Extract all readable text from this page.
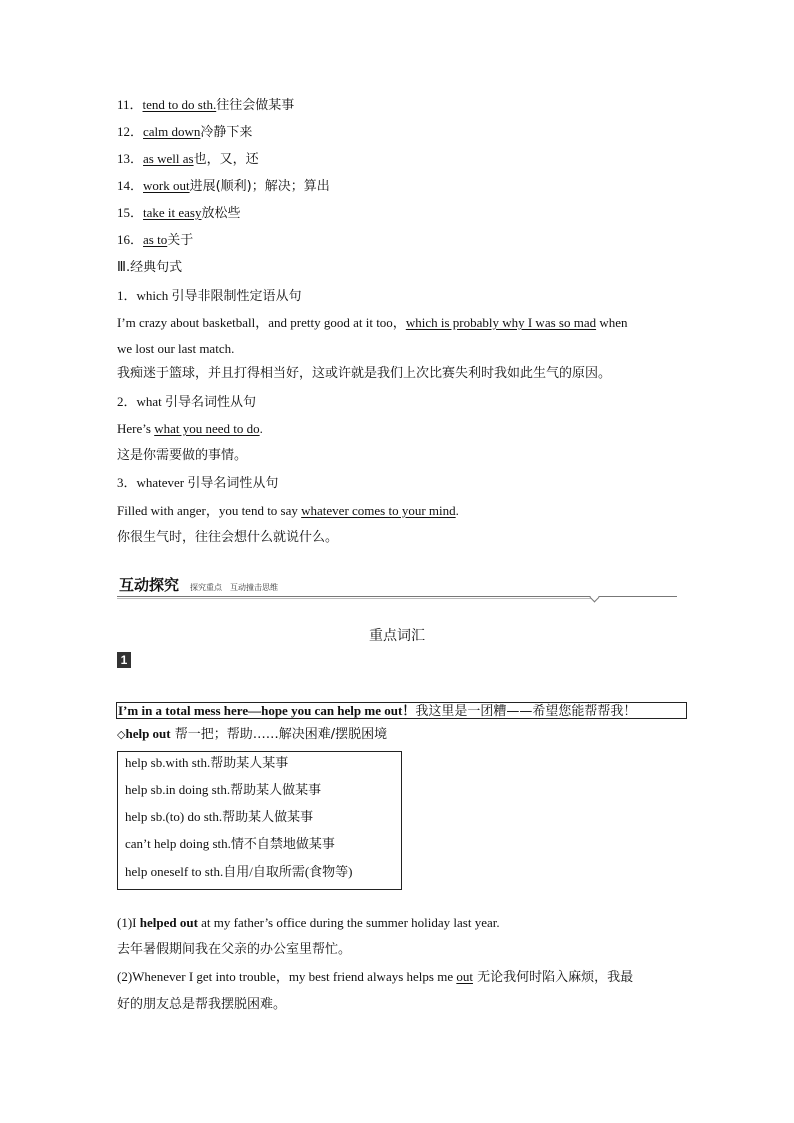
11．tend to do sth.往往会做某事
12．calm down冷静下来
13．as well as也，又，还
14．work out进展(顺利)；解决；算出
15．take it easy放松些
16．as to关于
Ⅲ.经典句式
1．which 引导非限制性定语从句
I’m crazy about basketball，and pretty good at it too，which is probably why I was so mad when
we lost our last match.
我痴迷于篮球，并且打得相当好，这或许就是我们上次比赛失利时我如此生气的原因。
2．what 引导名词性从句
Here’s what you need to do.
这是你需要做的事情。
3．whatever 引导名词性从句
Filled with anger，you tend to say whatever comes to your mind.
你很生气时，往往会想什么就说什么。
互动探究 探究重点　互动撞击思维
重点词汇
1
I’m in a total mess here—hope you can help me out！我这里是一团糟——希望您能帮帮我！
◇help out 帮一把；帮助……解决困难/摆脱困境
help sb.with sth.帮助某人某事
help sb.in doing sth.帮助某人做某事
help sb.(to) do sth.帮助某人做某事
can’t help doing sth.情不自禁地做某事
help oneself to sth.自用/自取所需(食物等)
(1)I helped out at my father’s office during the summer holiday last year.
去年暑假期间我在父亲的办公室里帮忙。
(2)Whenever I get into trouble，my best friend always helps me out 无论我何时陷入麻烦，我最
好的朋友总是帮我摆脱困难。
